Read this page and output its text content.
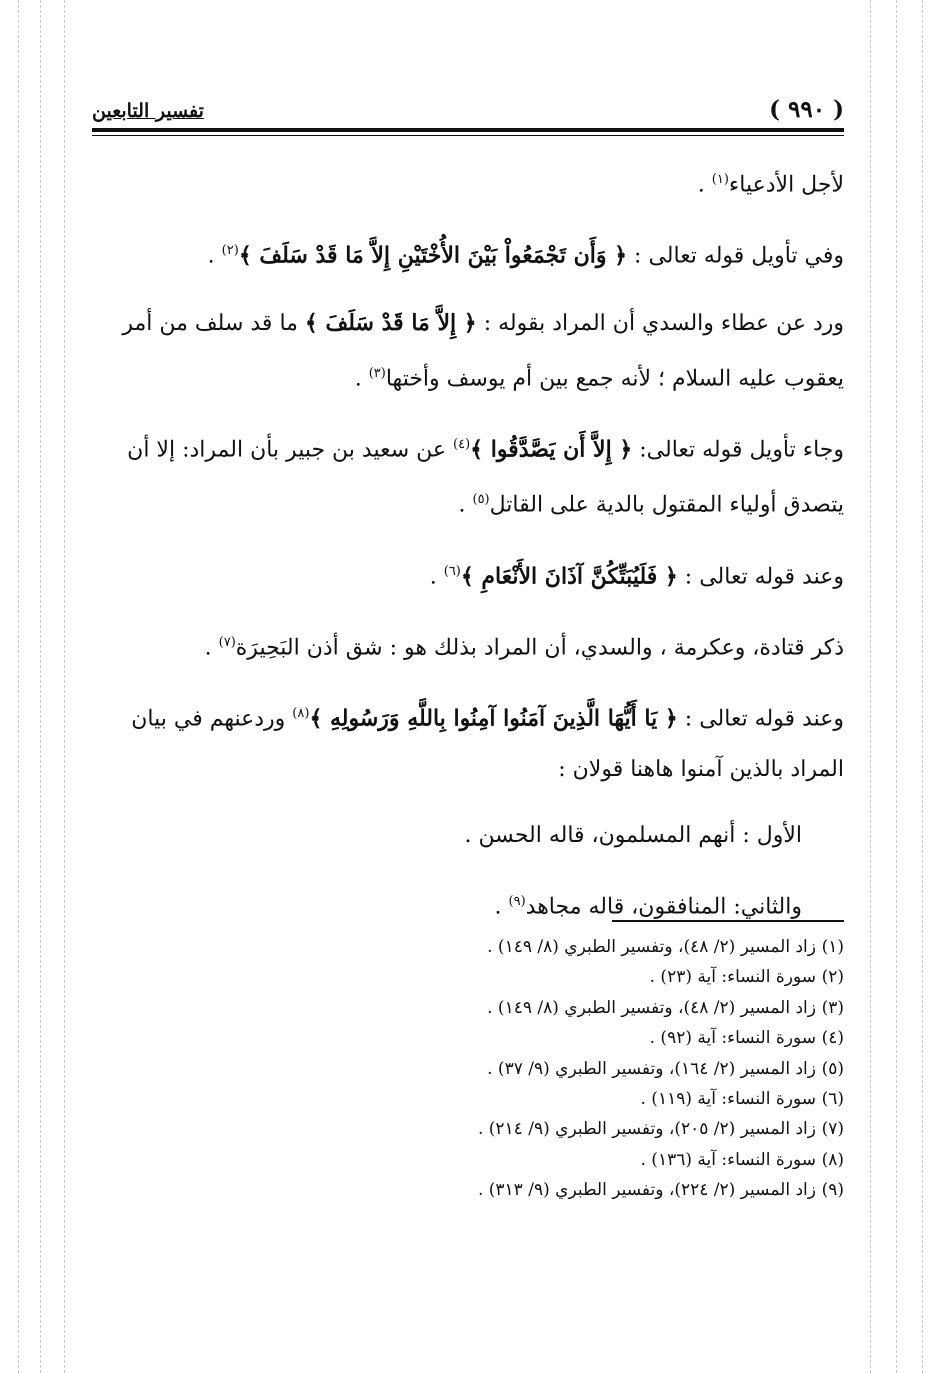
( ٩٩٠ )
تفسير التابعين

لأجل الأدعياء$^{(١)}$ .

وفي تأويل قوله تعالى : ﴿ وَأَن تَجْمَعُواْ بَيْنَ الأُخْتَيْنِ إِلاَّ مَا قَدْ سَلَفَ ﴾$^{(٢)}$ .

ورد عن عطاء والسدي أن المراد بقوله : ﴿ إِلاَّ مَا قَدْ سَلَفَ ﴾ ما قد سلف من أمر

يعقوب عليه السلام ؛ لأنه جمع بين أم يوسف وأختها$^{(٣)}$ .

وجاء تأويل قوله تعالى: ﴿ إِلاَّ أَن يَصَّدَّقُوا ﴾$^{(٤)}$ عن سعيد بن جبير بأن المراد: إلا أن

يتصدق أولياء المقتول بالدية على القاتل$^{(٥)}$ .

وعند قوله تعالى : ﴿ فَلَيُبَتِّكُنَّ آذَانَ الأَنْعَامِ ﴾$^{(٦)}$ .

ذكر قتادة، وعكرمة ، والسدي، أن المراد بذلك هو : شق أذن البَحِيرَة$^{(٧)}$ .

وعند قوله تعالى : ﴿ يَا أَيُّهَا الَّذِينَ آمَنُوا آمِنُوا بِاللَّهِ وَرَسُولِهِ ﴾$^{(٨)}$ وردعنهم في بيان

المراد بالذين آمنوا هاهنا قولان :

الأول : أنهم المسلمون، قاله الحسن .

والثاني: المنافقون، قاله مجاهد$^{(٩)}$ .

(١)زاد المسير (٢/ ٤٨)، وتفسير الطبري (٨/ ١٤٩) .

(٢)سورة النساء: آية (٢٣) .

(٣)زاد المسير (٢/ ٤٨)، وتفسير الطبري (٨/ ١٤٩) .

(٤)سورة النساء: آية (٩٢) .

(٥)زاد المسير (٢/ ١٦٤)، وتفسير الطبري (٩/ ٣٧) .

(٦)سورة النساء: آية (١١٩) .

(٧)زاد المسير (٢/ ٢٠٥)، وتفسير الطبري (٩/ ٢١٤) .

(٨)سورة النساء: آية (١٣٦) .

(٩)زاد المسير (٢/ ٢٢٤)، وتفسير الطبري (٩/ ٣١٣) .
